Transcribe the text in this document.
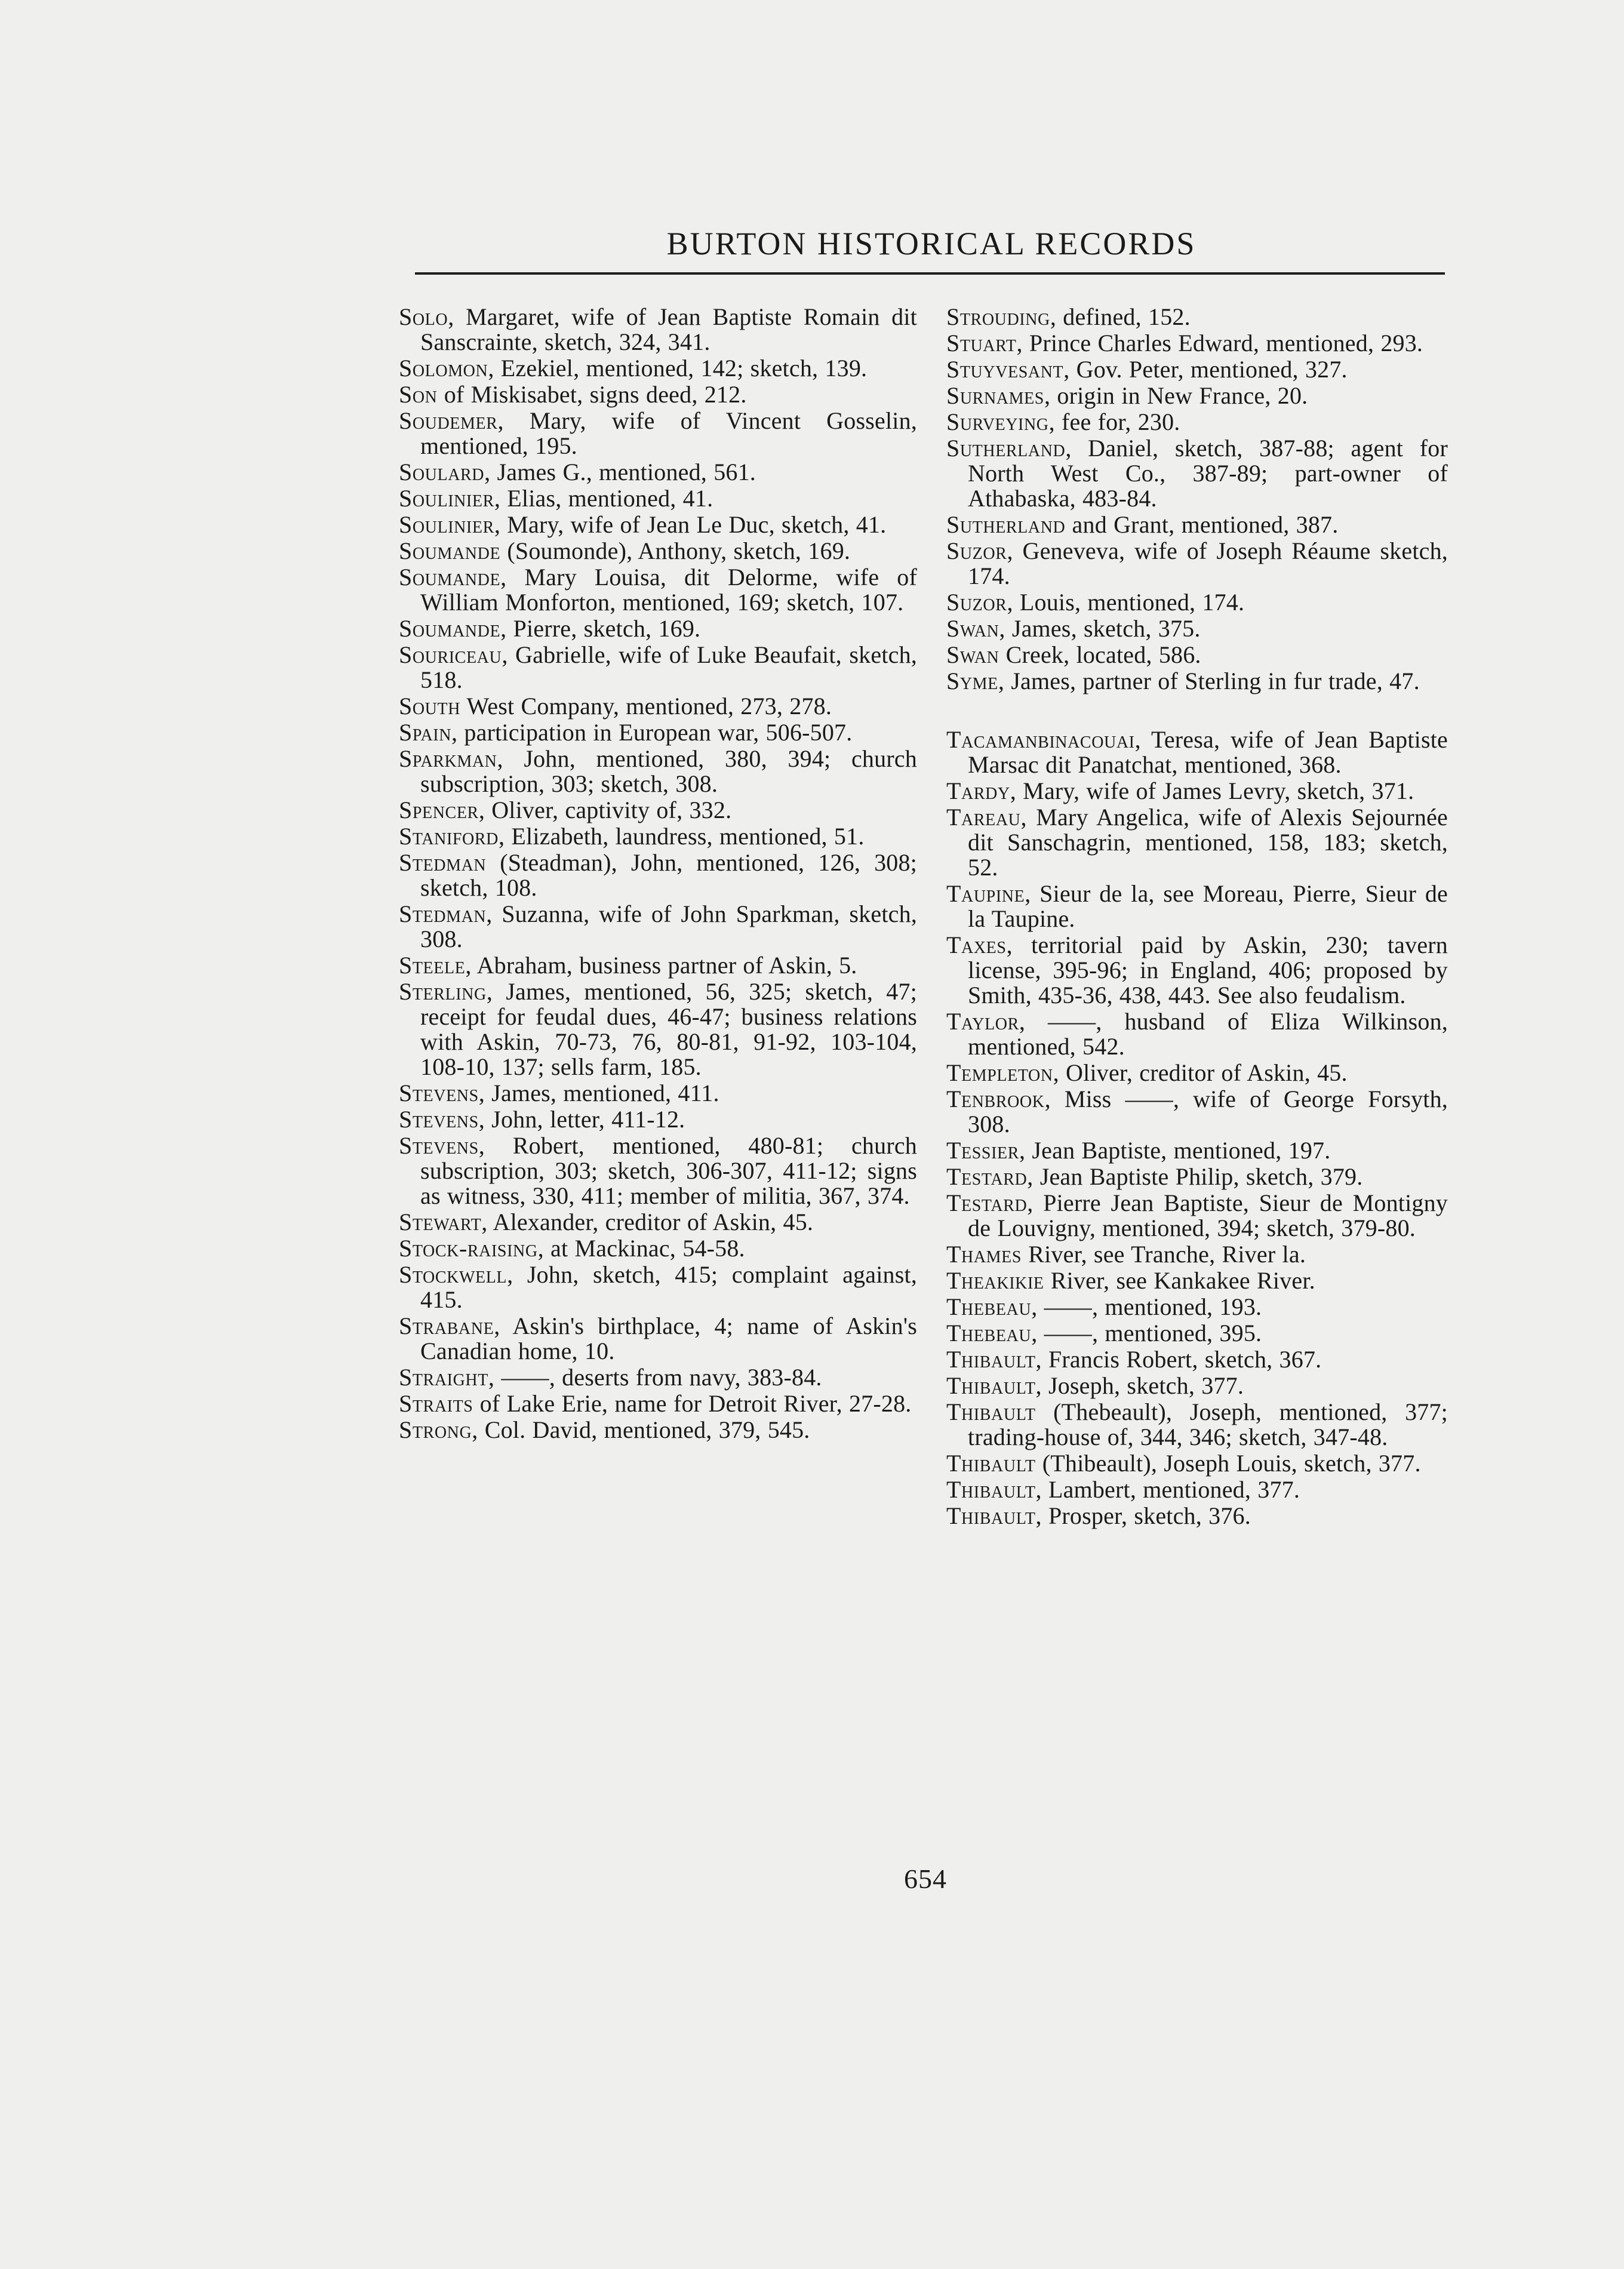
BURTON HISTORICAL RECORDS

Solo, Margaret, wife of Jean Baptiste Romain dit Sanscrainte, sketch, 324, 341.

Solomon, Ezekiel, mentioned, 142; sketch, 139.

Son of Miskisabet, signs deed, 212.

Soudemer, Mary, wife of Vincent Gosselin, mentioned, 195.

Soulard, James G., mentioned, 561.

Soulinier, Elias, mentioned, 41.

Soulinier, Mary, wife of Jean Le Duc, sketch, 41.

Soumande (Soumonde), Anthony, sketch, 169.

Soumande, Mary Louisa, dit Delorme, wife of William Monforton, mentioned, 169; sketch, 107.

Soumande, Pierre, sketch, 169.

Souriceau, Gabrielle, wife of Luke Beaufait, sketch, 518.

South West Company, mentioned, 273, 278.

Spain, participation in European war, 506-507.

Sparkman, John, mentioned, 380, 394; church subscription, 303; sketch, 308.

Spencer, Oliver, captivity of, 332.

Staniford, Elizabeth, laundress, mentioned, 51.

Stedman (Steadman), John, mentioned, 126, 308; sketch, 108.

Stedman, Suzanna, wife of John Sparkman, sketch, 308.

Steele, Abraham, business partner of Askin, 5.

Sterling, James, mentioned, 56, 325; sketch, 47; receipt for feudal dues, 46-47; business relations with Askin, 70-73, 76, 80-81, 91-92, 103-104, 108-10, 137; sells farm, 185.

Stevens, James, mentioned, 411.

Stevens, John, letter, 411-12.

Stevens, Robert, mentioned, 480-81; church subscription, 303; sketch, 306-307, 411-12; signs as witness, 330, 411; member of militia, 367, 374.

Stewart, Alexander, creditor of Askin, 45.

Stock-raising, at Mackinac, 54-58.

Stockwell, John, sketch, 415; complaint against, 415.

Strabane, Askin's birthplace, 4; name of Askin's Canadian home, 10.

Straight, ——, deserts from navy, 383-84.

Straits of Lake Erie, name for Detroit River, 27-28.

Strong, Col. David, mentioned, 379, 545.

Strouding, defined, 152.

Stuart, Prince Charles Edward, mentioned, 293.

Stuyvesant, Gov. Peter, mentioned, 327.

Surnames, origin in New France, 20.

Surveying, fee for, 230.

Sutherland, Daniel, sketch, 387-88; agent for North West Co., 387-89; part-owner of Athabaska, 483-84.

Sutherland and Grant, mentioned, 387.

Suzor, Geneveva, wife of Joseph Réaume sketch, 174.

Suzor, Louis, mentioned, 174.

Swan, James, sketch, 375.

Swan Creek, located, 586.

Syme, James, partner of Sterling in fur trade, 47.

Tacamanbinacouai, Teresa, wife of Jean Baptiste Marsac dit Panatchat, mentioned, 368.

Tardy, Mary, wife of James Levry, sketch, 371.

Tareau, Mary Angelica, wife of Alexis Sejournée dit Sanschagrin, mentioned, 158, 183; sketch, 52.

Taupine, Sieur de la, see Moreau, Pierre, Sieur de la Taupine.

Taxes, territorial paid by Askin, 230; tavern license, 395-96; in England, 406; proposed by Smith, 435-36, 438, 443. See also feudalism.

Taylor, ——, husband of Eliza Wilkinson, mentioned, 542.

Templeton, Oliver, creditor of Askin, 45.

Tenbrook, Miss ——, wife of George Forsyth, 308.

Tessier, Jean Baptiste, mentioned, 197.

Testard, Jean Baptiste Philip, sketch, 379.

Testard, Pierre Jean Baptiste, Sieur de Montigny de Louvigny, mentioned, 394; sketch, 379-80.

Thames River, see Tranche, River la.

Theakikie River, see Kankakee River.

Thebeau, ——, mentioned, 193.

Thebeau, ——, mentioned, 395.

Thibault, Francis Robert, sketch, 367.

Thibault, Joseph, sketch, 377.

Thibault (Thebeault), Joseph, mentioned, 377; trading-house of, 344, 346; sketch, 347-48.

Thibault (Thibeault), Joseph Louis, sketch, 377.

Thibault, Lambert, mentioned, 377.

Thibault, Prosper, sketch, 376.

654
